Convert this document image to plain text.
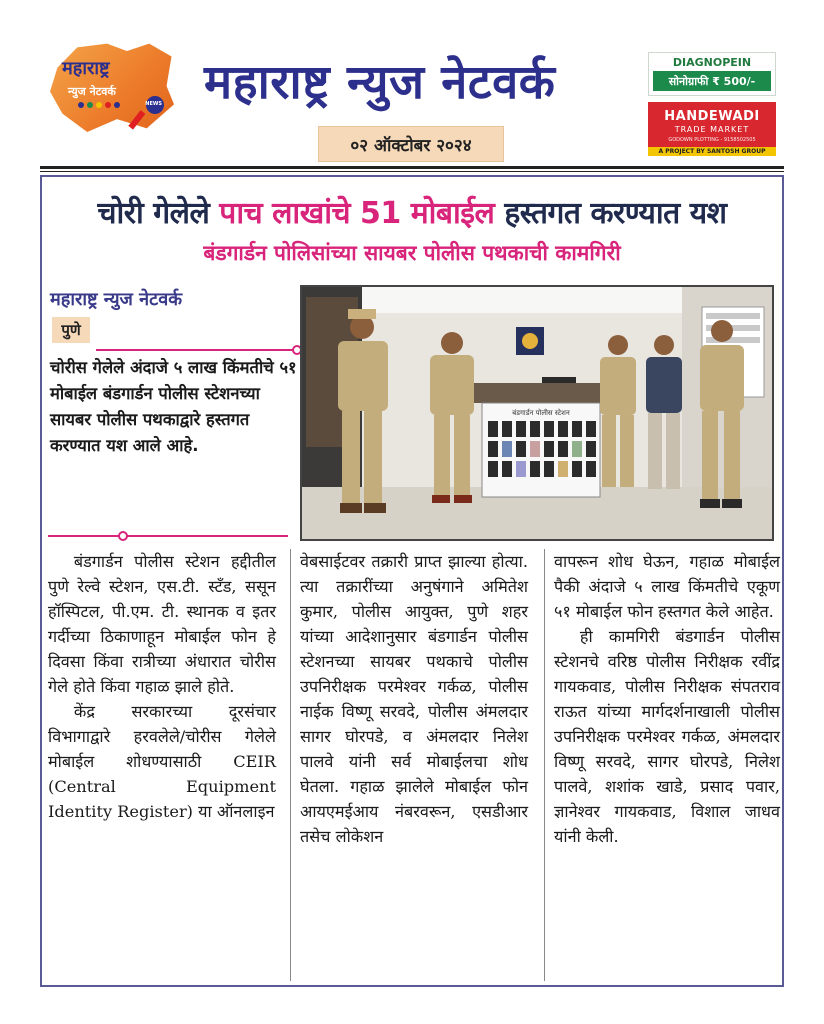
महाराष्ट्र
न्युज नेटवर्क
NEWS महाराष्ट्र न्युज नेटवर्क
०२ ऑक्टोबर २०२४
DIAGNOPEIN
सोनोग्राफी ₹ 500/-
HANDEWADI
TRADE MARKET
GODOWN PLOTTING - 9158502505
A PROJECT BY SANTOSH GROUP
चोरी गेलेले पाच लाखांचे 51 मोबाईल हस्तगत करण्यात यश
बंडगार्डन पोलिसांच्या सायबर पोलीस पथकाची कामगिरी
महाराष्ट्र न्युज नेटवर्क
पुणे
चोरीस गेलेले अंदाजे ५ लाख किंमतीचे ५१ मोबाईल बंडगार्डन पोलीस स्टेशनच्या सायबर पोलीस पथकाद्वारे हस्तगत करण्यात यश आले आहे.
बंडगार्डन पोलीस स्टेशन

बंडगार्डन पोलीस स्टेशन हद्दीतील पुणे रेल्वे स्टेशन, एस.टी. स्टँड, ससून हॉस्पिटल, पी.एम. टी. स्थानक व इतर गर्दीच्या ठिकाणाहून मोबाईल फोन हे दिवसा किंवा रात्रीच्या अंधारात चोरीस गेले होते किंवा गहाळ झाले होते.

केंद्र सरकारच्या दूरसंचार विभागाद्वारे हरवलेले/चोरीस गेलेले मोबाईल शोधण्यासाठी CEIR (Central Equipment Identity Register) या ऑनलाइन

वेबसाईटवर तक्रारी प्राप्त झाल्या होत्या. त्या तक्रारींच्या अनुषंगाने अमितेश कुमार, पोलीस आयुक्त, पुणे शहर यांच्या आदेशानुसार बंडगार्डन पोलीस स्टेशनच्या सायबर पथकाचे पोलीस उपनिरीक्षक परमेश्वर गर्कळ, पोलीस नाईक विष्णू सरवदे, पोलीस अंमलदार सागर घोरपडे, व अंमलदार निलेश पालवे यांनी सर्व मोबाईलचा शोध घेतला. गहाळ झालेले मोबाईल फोन आयएमईआय नंबरवरून, एसडीआर तसेच लोकेशन

वापरून शोध घेऊन, गहाळ मोबाईल पैकी अंदाजे ५ लाख किंमतीचे एकूण ५१ मोबाईल फोन हस्तगत केले आहेत.

ही कामगिरी बंडगार्डन पोलीस स्टेशनचे वरिष्ठ पोलीस निरीक्षक रवींद्र गायकवाड, पोलीस निरीक्षक संपतराव राऊत यांच्या मार्गदर्शनाखाली पोलीस उपनिरीक्षक परमेश्वर गर्कळ, अंमलदार विष्णू सरवदे, सागर घोरपडे, निलेश पालवे, शशांक खाडे, प्रसाद पवार, ज्ञानेश्वर गायकवाड, विशाल जाधव यांनी केली.
